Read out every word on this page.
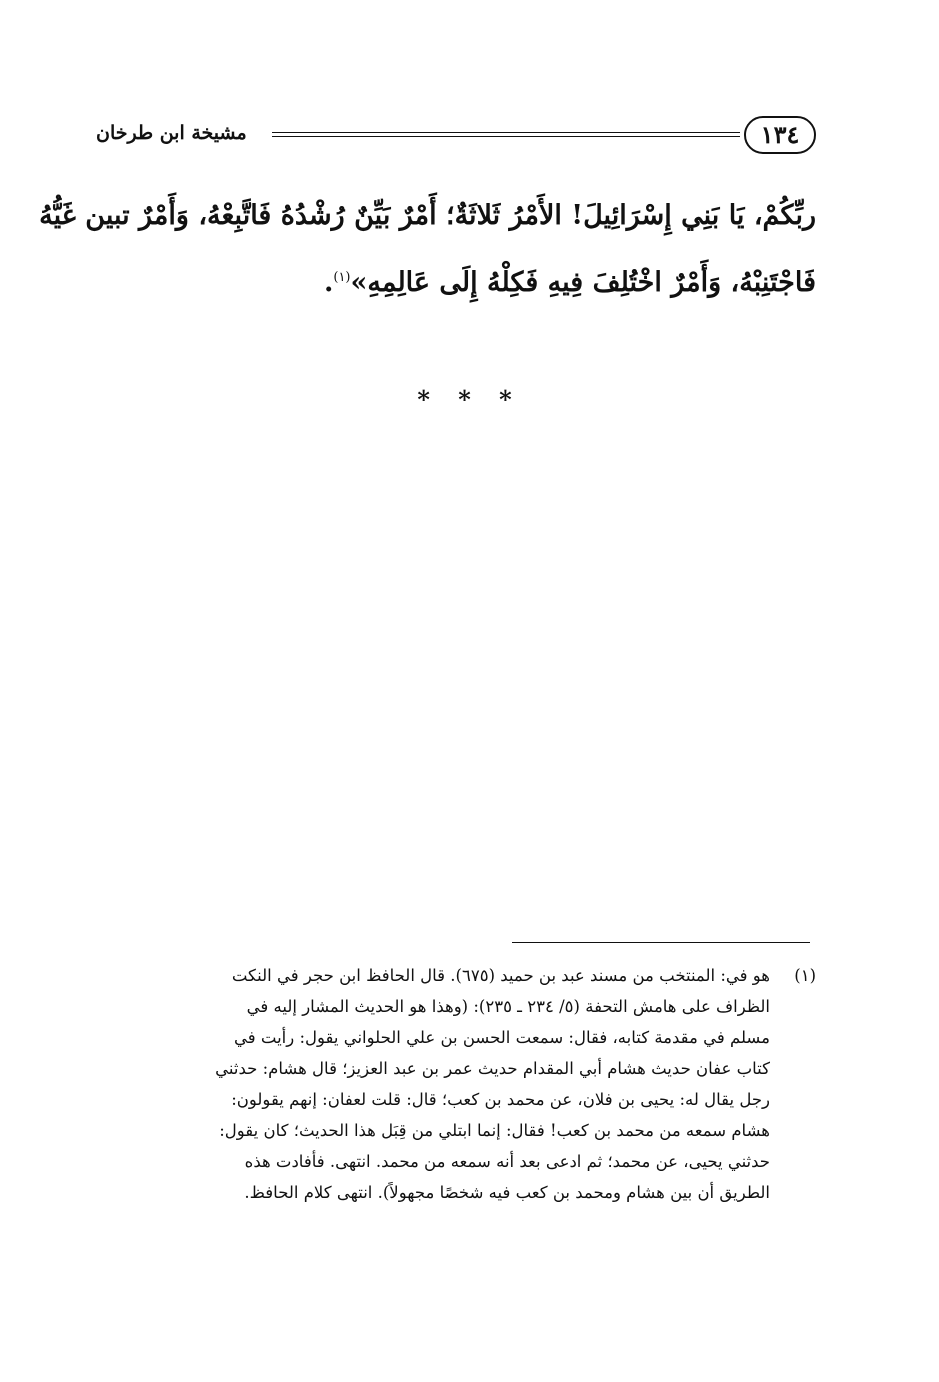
١٣٤
مشيخة ابن طرخان
ربِّكُمْ، يَا بَنِي إِسْرَائِيلَ! الأَمْرُ ثَلاثَةٌ؛ أَمْرٌ بَيِّنٌ رُشْدُهُ فَاتَّبِعْهُ، وَأَمْرٌ تبين غَيُّهُ
فَاجْتَنِبْهُ، وَأَمْرٌ اخْتُلِفَ فِيهِ فَكِلْهُ إِلَى عَالِمِهِ»$^{(١)}$.
* * *
(١)
هو في: المنتخب من مسند عبد بن حميد (٦٧٥). قال الحافظ ابن حجر في النكت
الظراف على هامش التحفة (٥/ ٢٣٤ ـ ٢٣٥): (وهذا هو الحديث المشار إليه في
مسلم في مقدمة كتابه، فقال: سمعت الحسن بن علي الحلواني يقول: رأيت في
كتاب عفان حديث هشام أبي المقدام حديث عمر بن عبد العزيز؛ قال هشام: حدثني
رجل يقال له: يحيى بن فلان، عن محمد بن كعب؛ قال: قلت لعفان: إنهم يقولون:
هشام سمعه من محمد بن كعب! فقال: إنما ابتلي من قِبَل هذا الحديث؛ كان يقول:
حدثني يحيى، عن محمد؛ ثم ادعى بعد أنه سمعه من محمد. انتهى. فأفادت هذه
الطريق أن بين هشام ومحمد بن كعب فيه شخصًا مجهولاً). انتهى كلام الحافظ.
